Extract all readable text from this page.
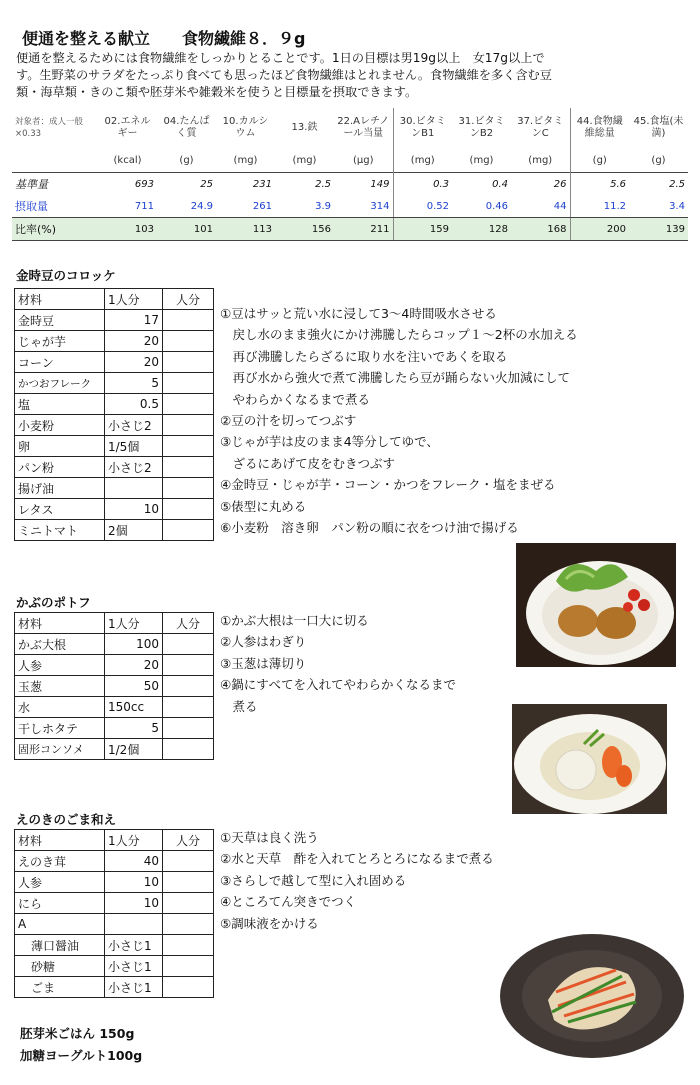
便通を整える献立　　食物繊維８．９g
便通を整えるためには食物繊維をしっかりとることです。1日の目標は男19g以上　女17g以上で
す。生野菜のサラダをたっぷり食べても思ったほど食物繊維はとれません。食物繊維を多く含む豆
類・海草類・きのこ類や胚芽米や雑穀米を使うと目標量を摂取できます。
対象者：成人一般　×0.33	02.エネルギー	04.たんぱく質	10.カルシウム	13.鉄	22.Aレチノール当量	30.ビタミンB1	31.ビタミンB2	37.ビタミンC	44.食物繊維総量	45.食塩(未満)
	(kcal)	(g)	(mg)	(mg)	(μg)	(mg)	(mg)	(mg)	(g)	(g)
基準量	693	25	231	2.5	149	0.3	0.4	26	5.6	2.5
摂取量	711	24.9	261	3.9	314	0.52	0.46	44	11.2	3.4
比率(%)	103	101	113	156	211	159	128	168	200	139
金時豆のコロッケ
材料	1人分	人分
金時豆	17	
じゃが芋	20	
コーン	20	
かつおフレーク	5	
塩	0.5	
小麦粉	小さじ2	
卵	1/5個	
パン粉	小さじ2	
揚げ油		
レタス	10	
ミニトマト	2個	
①豆はサッと荒い水に浸して3～4時間吸水させる
　戻し水のまま強火にかけ沸騰したらコップ１～2杯の水加える
　再び沸騰したらざるに取り水を注いであくを取る
　再び水から強火で煮て沸騰したら豆が踊らない火加減にして
　やわらかくなるまで煮る
②豆の汁を切ってつぶす
③じゃが芋は皮のまま4等分してゆで、
　ざるにあげて皮をむきつぶす
④金時豆・じゃが芋・コーン・かつをフレーク・塩をまぜる
⑤俵型に丸める
⑥小麦粉　溶き卵　パン粉の順に衣をつけ油で揚げる
かぶのポトフ
材料	1人分	人分
かぶ大根	100	
人参	20	
玉葱	50	
水	150cc	
干しホタテ	5	
固形コンソメ	1/2個	
①かぶ大根は一口大に切る
②人参はわぎり
③玉葱は薄切り
④鍋にすべてを入れてやわらかくなるまで
　煮る
えのきのごま和え
材料	1人分	人分
えのき茸	40	
人参	10	
にら	10	
A		
薄口醤油	小さじ1	
砂糖	小さじ1	
ごま	小さじ1	
①天草は良く洗う
②水と天草　酢を入れてとろとろになるまで煮る
③さらしで越して型に入れ固める
④ところてん突きでつく
⑤調味液をかける
胚芽米ごはん 150g
加糖ヨーグルト100g
